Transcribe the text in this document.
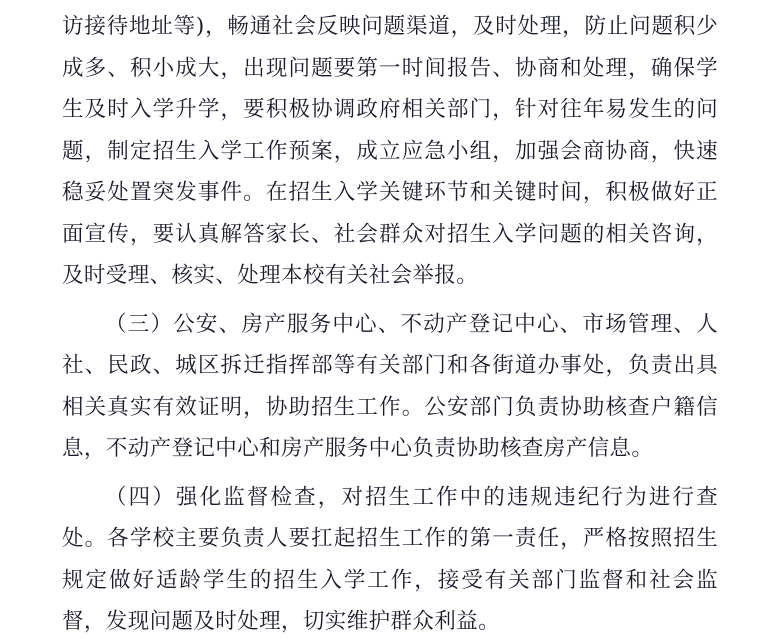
访接待地址等)，畅通社会反映问题渠道，及时处理，防止问题积少成多、积小成大，出现问题要第一时间报告、协商和处理，确保学生及时入学升学，要积极协调政府相关部门，针对往年易发生的问题，制定招生入学工作预案，成立应急小组，加强会商协商，快速稳妥处置突发事件。在招生入学关键环节和关键时间，积极做好正面宣传，要认真解答家长、社会群众对招生入学问题的相关咨询，及时受理、核实、处理本校有关社会举报。

（三）公安、房产服务中心、不动产登记中心、市场管理、人社、民政、城区拆迁指挥部等有关部门和各街道办事处，负责出具相关真实有效证明，协助招生工作。公安部门负责协助核查户籍信息，不动产登记中心和房产服务中心负责协助核查房产信息。

（四）强化监督检查，对招生工作中的违规违纪行为进行查处。各学校主要负责人要扛起招生工作的第一责任，严格按照招生规定做好适龄学生的招生入学工作，接受有关部门监督和社会监督，发现问题及时处理，切实维护群众利益。
